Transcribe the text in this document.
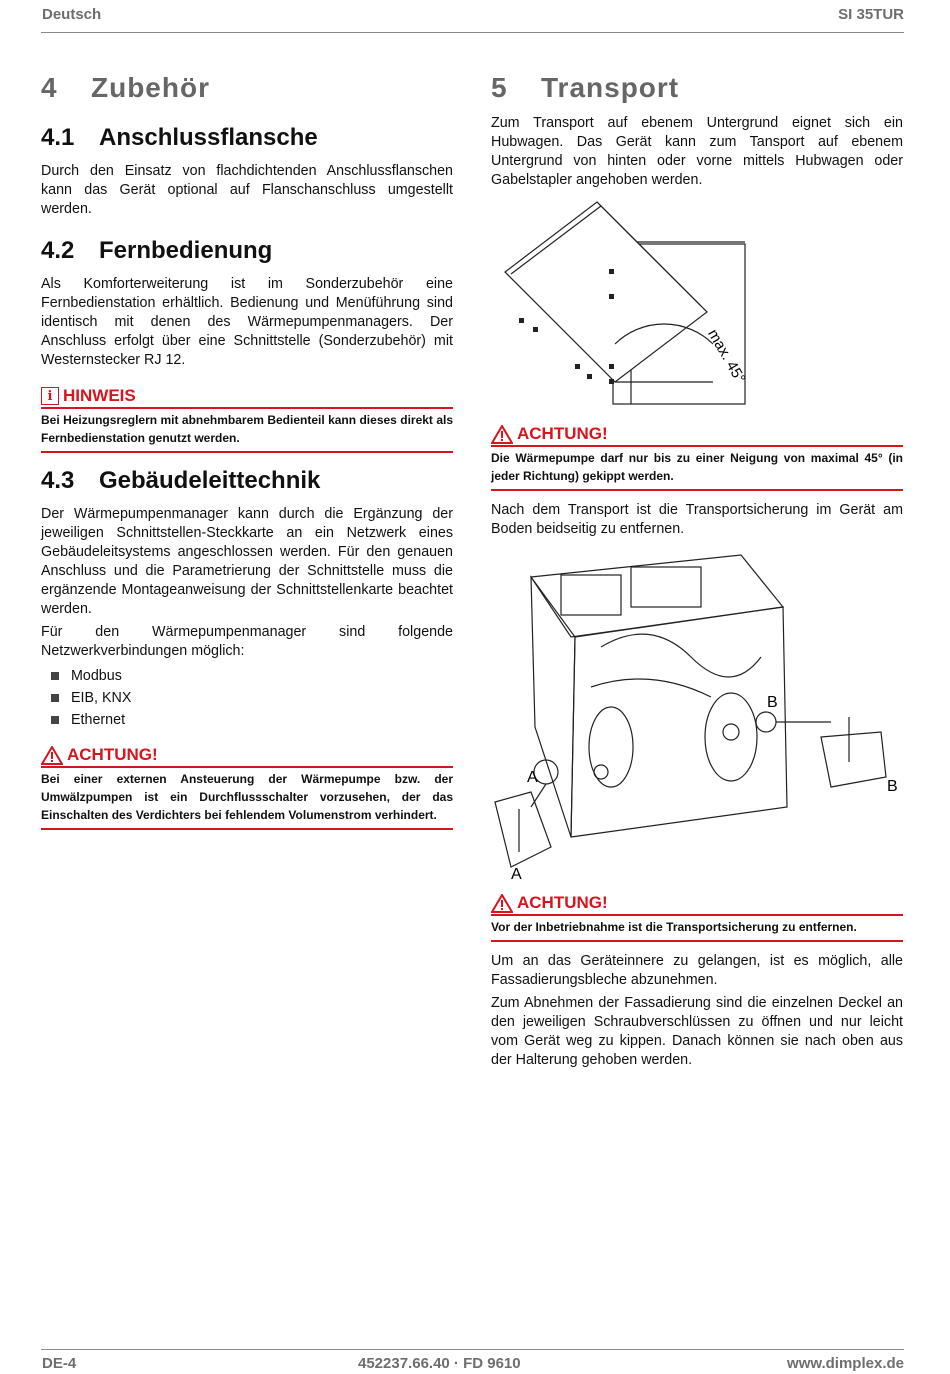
Deutsch	SI 35TUR
4	Zubehör
4.1	Anschlussflansche

Durch den Einsatz von flachdichtenden Anschlussflanschen kann das Gerät optional auf Flanschanschluss umgestellt werden.

4.2	Fernbedienung

Als Komforterweiterung ist im Sonderzubehör eine Fernbedienstation erhältlich. Bedienung und Menüführung sind identisch mit denen des Wärmepumpenmanagers. Der Anschluss erfolgt über eine Schnittstelle (Sonderzubehör) mit Westernstecker RJ 12.

i HINWEIS
Bei Heizungsreglern mit abnehmbarem Bedienteil kann dieses direkt als Fernbedienstation genutzt werden.
4.3	Gebäudeleittechnik

Der Wärmepumpenmanager kann durch die Ergänzung der jeweiligen Schnittstellen-Steckkarte an ein Netzwerk eines Gebäudeleitsystems angeschlossen werden. Für den genauen Anschluss und die Parametrierung der Schnittstelle muss die ergänzende Montageanweisung der Schnittstellenkarte beachtet werden.

Für den Wärmepumpenmanager sind folgende Netzwerkverbindungen möglich:

Modbus
EIB, KNX
Ethernet
ACHTUNG!
Bei einer externen Ansteuerung der Wärmepumpe bzw. der Umwälzpumpen ist ein Durchflussschalter vorzusehen, der das Einschalten des Verdichters bei fehlendem Volumenstrom verhindert.
5	Transport

Zum Transport auf ebenem Untergrund eignet sich ein Hubwagen. Das Gerät kann zum Tansport auf ebenem Untergrund von hinten oder vorne mittels Hubwagen oder Gabelstapler angehoben werden.

max. 45°
ACHTUNG!
Die Wärmepumpe darf nur bis zu einer Neigung von maximal 45° (in jeder Richtung) gekippt werden.

Nach dem Transport ist die Transportsicherung im Gerät am Boden beidseitig zu entfernen.

A
A
B
B
ACHTUNG!
Vor der Inbetriebnahme ist die Transportsicherung zu entfernen.

Um an das Geräteinnere zu gelangen, ist es möglich, alle Fassadierungsbleche abzunehmen.

Zum Abnehmen der Fassadierung sind die einzelnen Deckel an den jeweiligen Schraubverschlüssen zu öffnen und nur leicht vom Gerät weg zu kippen. Danach können sie nach oben aus der Halterung gehoben werden.

DE-4	452237.66.40 · FD 9610	www.dimplex.de
